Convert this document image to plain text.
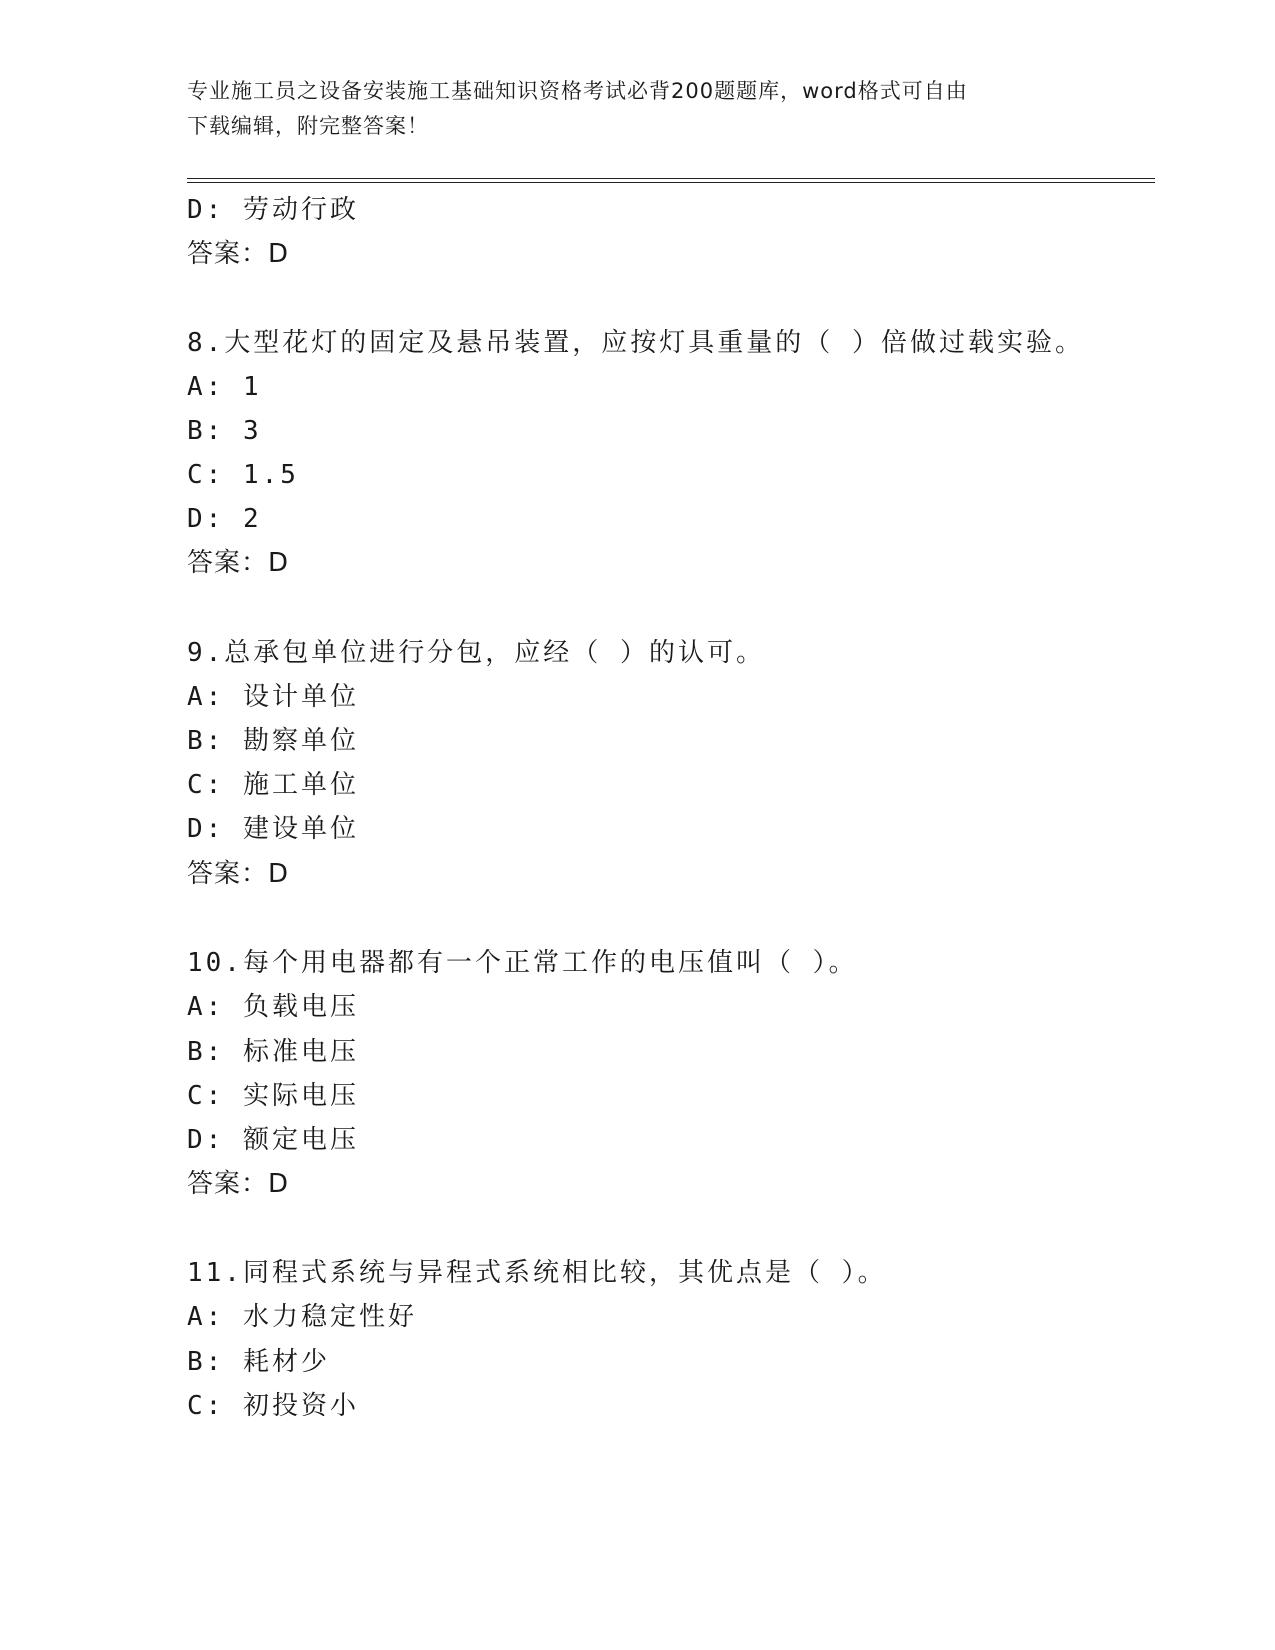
专业施工员之设备安装施工基础知识资格考试必背200题题库，word格式可自由
下载编辑，附完整答案！
D: 劳动行政
答案：D
8.大型花灯的固定及悬吊装置，应按灯具重量的（ ）倍做过载实验。
A: 1
B: 3
C: 1.5
D: 2
答案：D
9.总承包单位进行分包，应经（ ）的认可。
A: 设计单位
B: 勘察单位
C: 施工单位
D: 建设单位
答案：D
10.每个用电器都有一个正常工作的电压值叫（ ）。
A: 负载电压
B: 标准电压
C: 实际电压
D: 额定电压
答案：D
11.同程式系统与异程式系统相比较，其优点是（ ）。
A: 水力稳定性好
B: 耗材少
C: 初投资小
